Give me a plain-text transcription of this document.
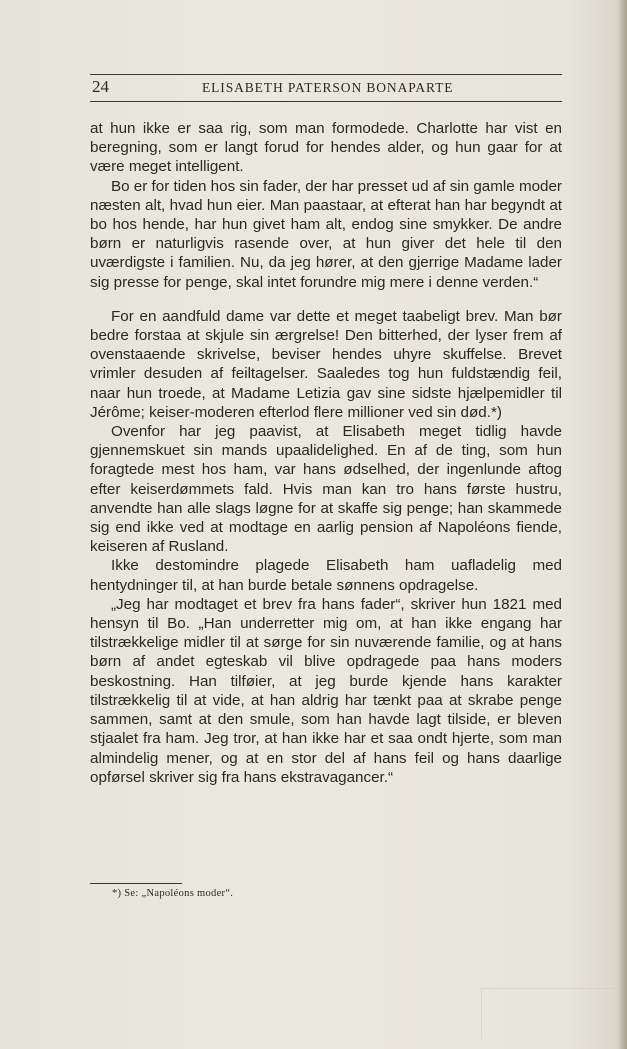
24	ELISABETH PATERSON BONAPARTE

at hun ikke er saa rig, som man formodede. Charlotte har vist en beregning, som er langt forud for hendes alder, og hun gaar for at være meget intelligent.

Bo er for tiden hos sin fader, der har presset ud af sin gamle moder næsten alt, hvad hun eier. Man paastaar, at efterat han har begyndt at bo hos hende, har hun givet ham alt, endog sine smykker. De andre børn er naturligvis rasende over, at hun giver det hele til den uværdigste i familien. Nu, da jeg hører, at den gjerrige Madame lader sig presse for penge, skal intet forundre mig mere i denne verden.“

For en aandfuld dame var dette et meget taabeligt brev. Man bør bedre forstaa at skjule sin ærgrelse! Den bitterhed, der lyser frem af ovenstaaende skrivelse, beviser hendes uhyre skuffelse. Brevet vrimler desuden af feiltagelser. Saaledes tog hun fuldstændig feil, naar hun troede, at Madame Letizia gav sine sidste hjælpemidler til Jérôme; keiser-moderen efterlod flere millioner ved sin død.*)

Ovenfor har jeg paavist, at Elisabeth meget tidlig havde gjennemskuet sin mands upaalidelighed. En af de ting, som hun foragtede mest hos ham, var hans ødselhed, der ingenlunde aftog efter keiserdømmets fald. Hvis man kan tro hans første hustru, anvendte han alle slags løgne for at skaffe sig penge; han skammede sig end ikke ved at modtage en aarlig pension af Napoléons fiende, keiseren af Rusland.

Ikke destomindre plagede Elisabeth ham uafladelig med hentydninger til, at han burde betale sønnens opdragelse.

„Jeg har modtaget et brev fra hans fader“, skriver hun 1821 med hensyn til Bo. „Han underretter mig om, at han ikke engang har tilstrækkelige midler til at sørge for sin nuværende familie, og at hans børn af andet egteskab vil blive opdragede paa hans moders beskostning. Han tilføier, at jeg burde kjende hans karakter tilstrækkelig til at vide, at han aldrig har tænkt paa at skrabe penge sammen, samt at den smule, som han havde lagt tilside, er bleven stjaalet fra ham. Jeg tror, at han ikke har et saa ondt hjerte, som man almindelig mener, og at en stor del af hans feil og hans daarlige opførsel skriver sig fra hans ekstravagancer.“

*) Se: „Napoléons moder“.
